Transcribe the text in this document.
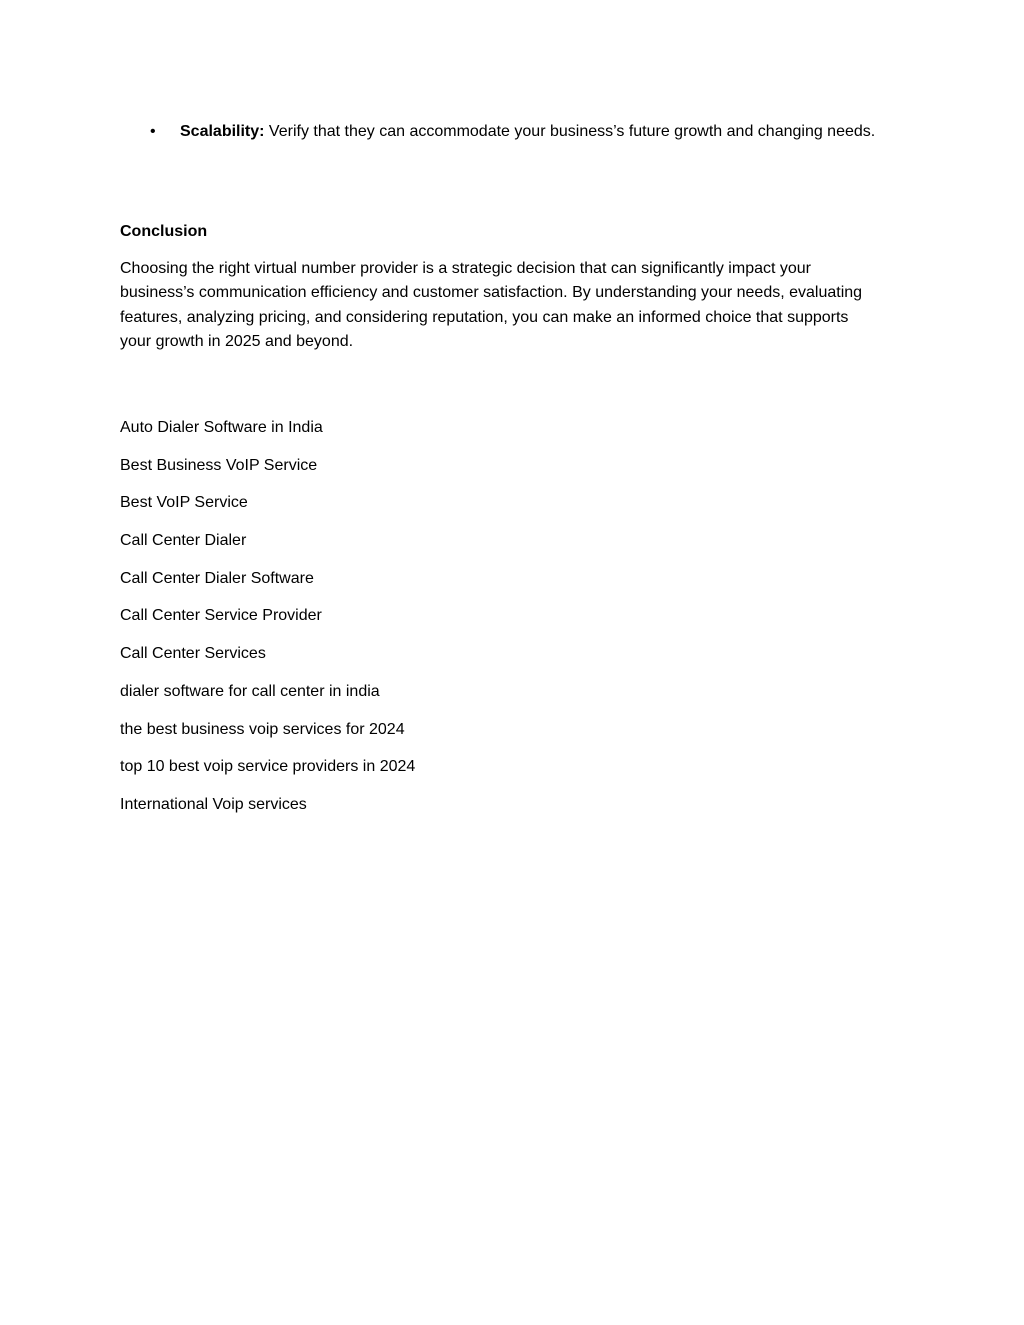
•	Scalability: Verify that they can accommodate your business’s future growth and changing needs.
Conclusion
Choosing the right virtual number provider is a strategic decision that can significantly impact your business’s communication efficiency and customer satisfaction. By understanding your needs, evaluating features, analyzing pricing, and considering reputation, you can make an informed choice that supports your growth in 2025 and beyond.
Auto Dialer Software in India
Best Business VoIP Service
Best VoIP Service
Call Center Dialer
Call Center Dialer Software
Call Center Service Provider
Call Center Services
dialer software for call center in india
the best business voip services for 2024
top 10 best voip service providers in 2024
International Voip services
